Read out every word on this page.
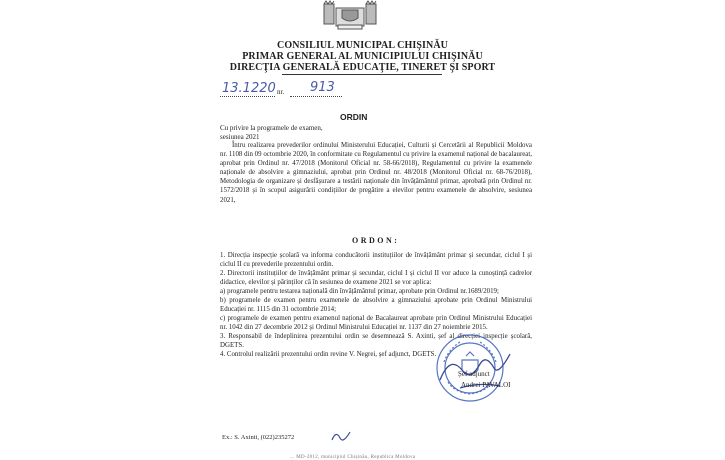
CONSILIUL MUNICIPAL CHIŞINĂU
PRIMAR GENERAL AL MUNICIPIULUI CHIŞINĂU
DIRECŢIA GENERALĂ EDUCAŢIE, TINERET ŞI SPORT
13.1220 nr. 913
ORDIN
Cu privire la programele de examen,
sesiunea 2021
Întru realizarea prevederilor ordinului Ministerului Educației, Culturii și Cercetării al Republicii Moldova nr. 1108 din 09 octombrie 2020, în conformitate cu Regulamentul cu privire la examenul național de bacalaureat, aprobat prin Ordinul nr. 47/2018 (Monitorul Oficial nr. 58-66/2018), Regulamentul cu privire la examenele naționale de absolvire a gimnaziului, aprobat prin Ordinul nr. 48/2018 (Monitorul Oficial nr. 68-76/2018), Metodologia de organizare și desfășurare a testării naționale din învățământul primar, aprobată prin Ordinul nr. 1572/2018 și în scopul asigurării condițiilor de pregătire a elevilor pentru examenele de absolvire, sesiunea 2021,
ORDON:

1. Direcția inspecție școlară va informa conducătorii instituțiilor de învățământ primar și secundar, ciclul I și ciclul II cu prevederile prezentului ordin.

2. Directorii instituțiilor de învățământ primar și secundar, ciclul I și ciclul II vor aduce la cunoștință cadrelor didactice, elevilor și părinților că în sesiunea de examene 2021 se vor aplica:

a) programele pentru testarea națională din învățământul primar, aprobate prin Ordinul nr.1689/2019;

b) programele de examen pentru examenele de absolvire a gimnaziului aprobate prin Ordinul Ministrului Educației nr. 1115 din 31 octombrie 2014;

c) programele de examen pentru examenul național de Bacalaureat aprobate prin Ordinul Ministrului Educației nr. 1042 din 27 decembrie 2012 și Ordinul Ministrului Educației nr. 1137 din 27 noiembrie 2015.

3. Responsabil de îndeplinirea prezentului ordin se desemnează S. Axinti, șef al direcției inspecție școlară, DGETS.

4. Controlul realizării prezentului ordin revine V. Negrei, șef adjunct, DGETS.

Șef adjunct
Andrei PAVALOI
Ex.: S. Axinti, (022)235272
... MD-2012, municipiul Chișinău, Republica Moldova
